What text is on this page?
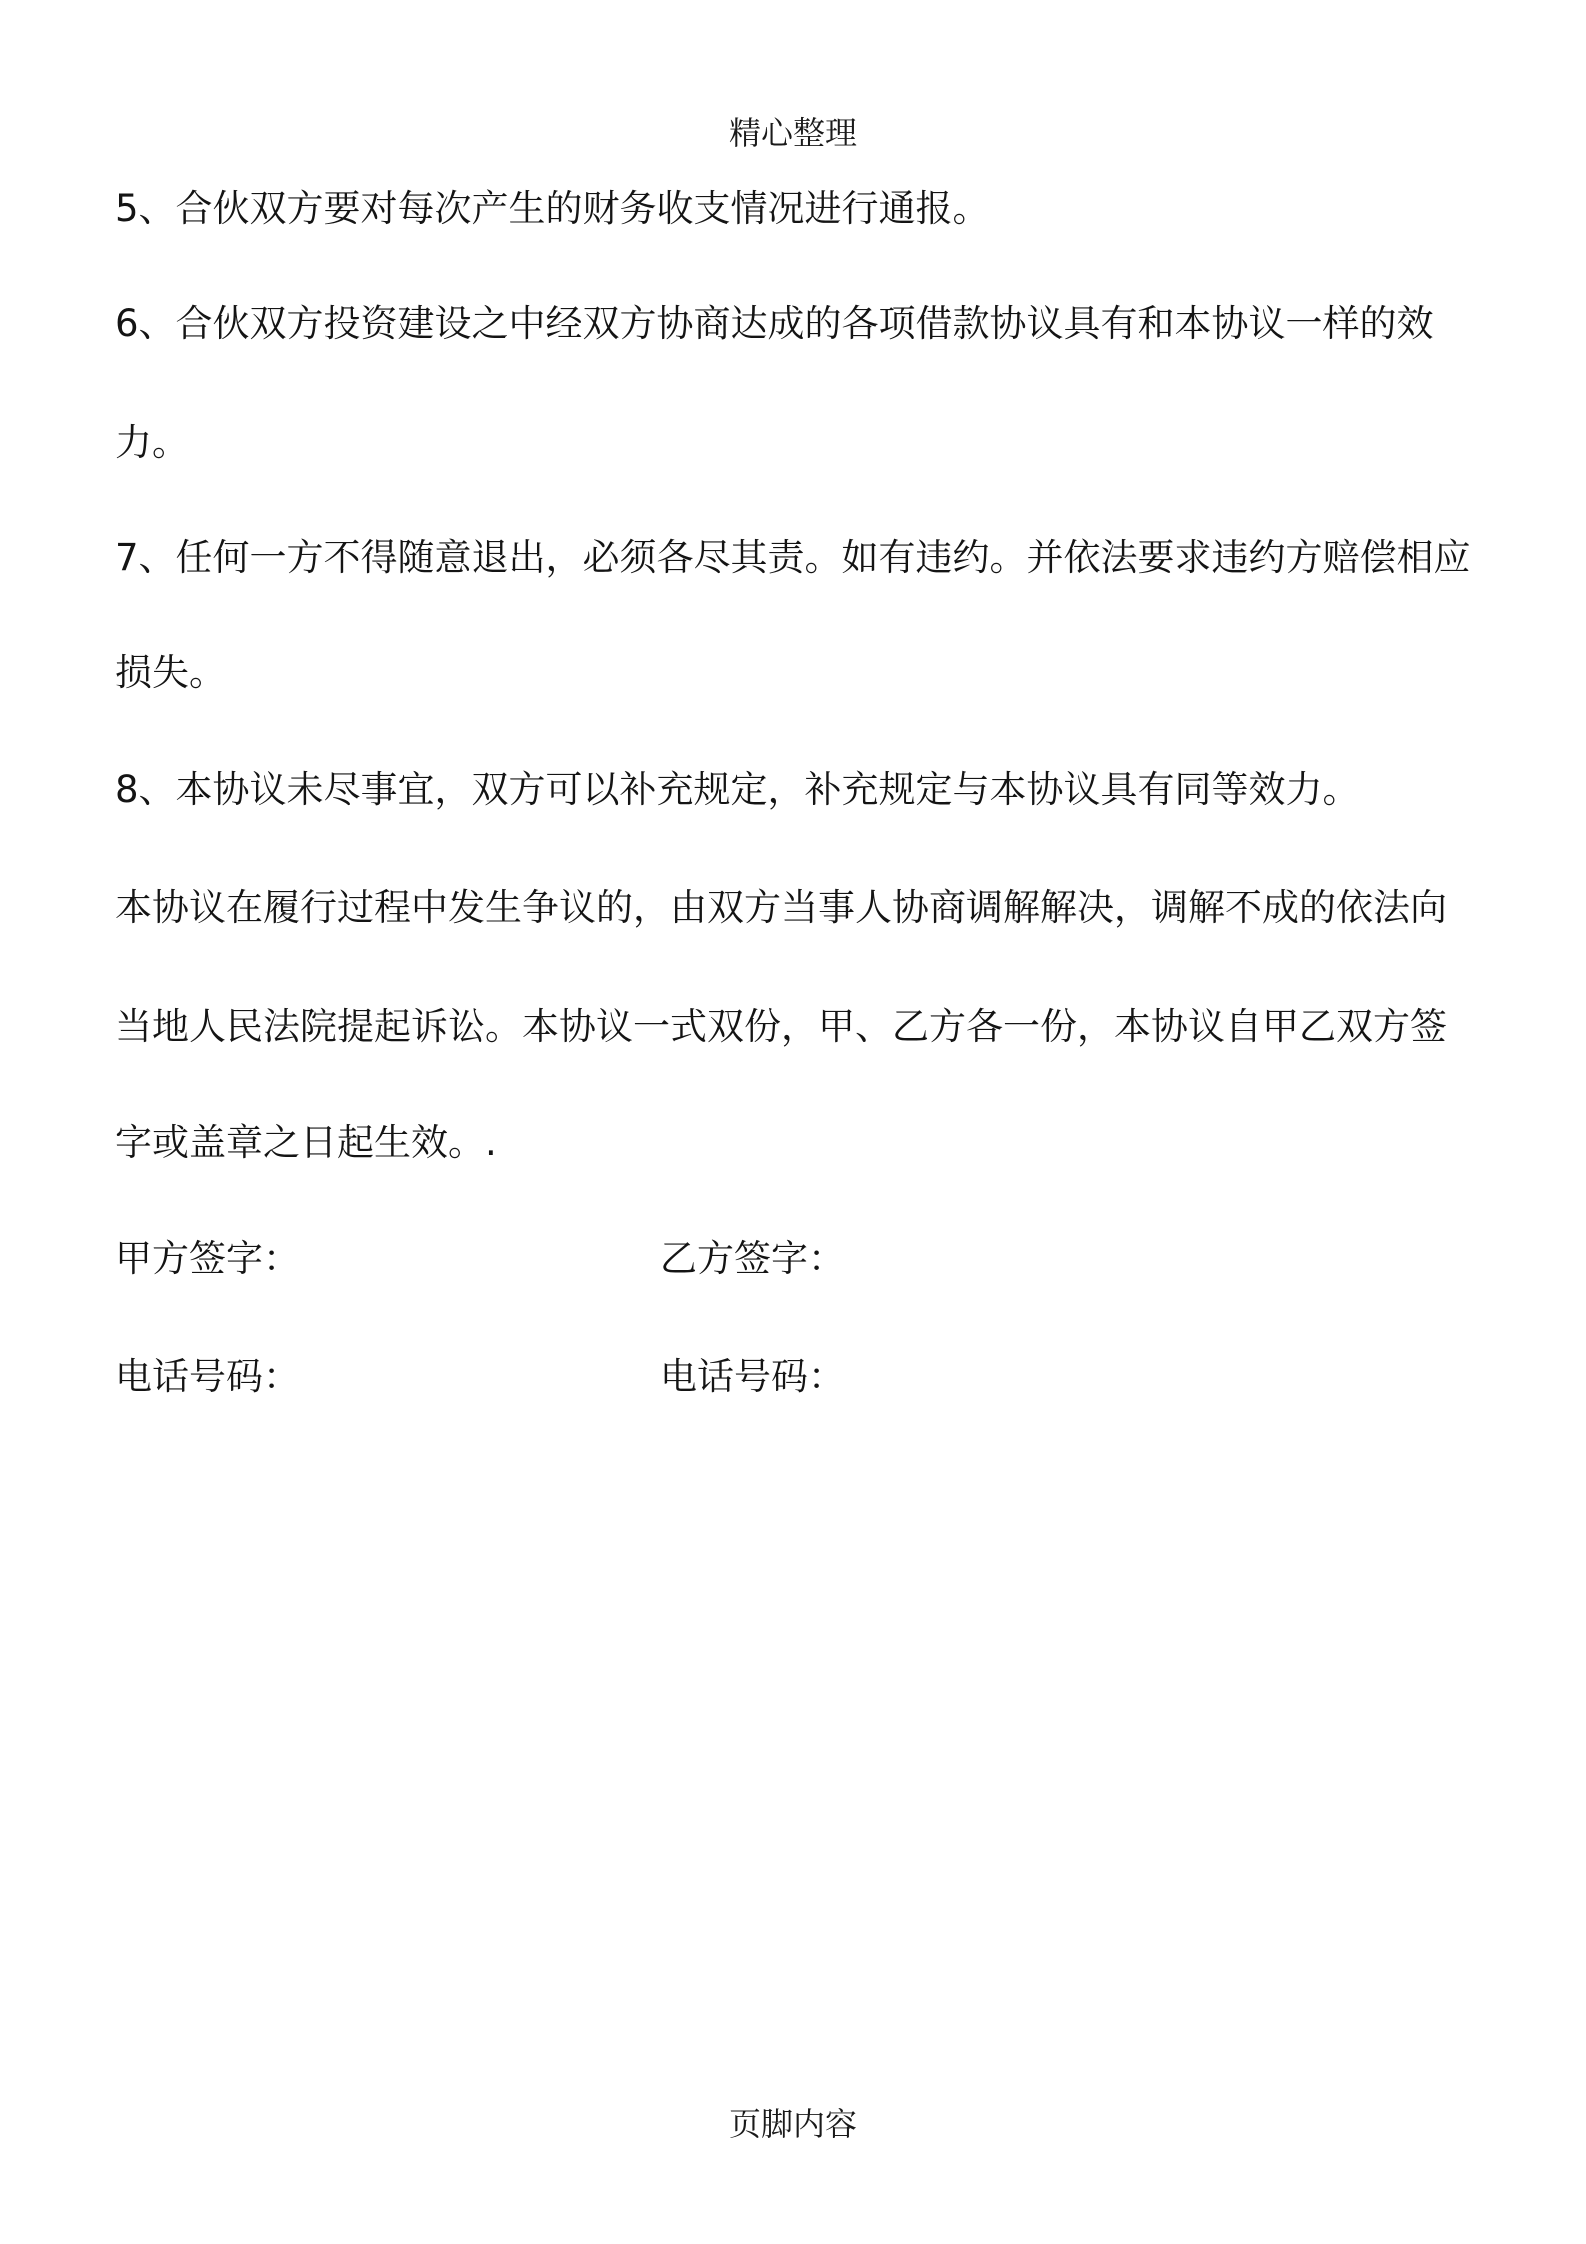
精心整理
5、合伙双方要对每次产生的财务收支情况进行通报。
6、合伙双方投资建设之中经双方协商达成的各项借款协议具有和本协议一样的效
力。
7、任何一方不得随意退出，必须各尽其责。如有违约。并依法要求违约方赔偿相应
损失。
8、本协议未尽事宜，双方可以补充规定，补充规定与本协议具有同等效力。
本协议在履行过程中发生争议的，由双方当事人协商调解解决，调解不成的依法向
当地人民法院提起诉讼。本协议一式双份，甲、乙方各一份，本协议自甲乙双方签
字或盖章之日起生效。.
甲方签字：	乙方签字：
电话号码：	电话号码：
页脚内容
